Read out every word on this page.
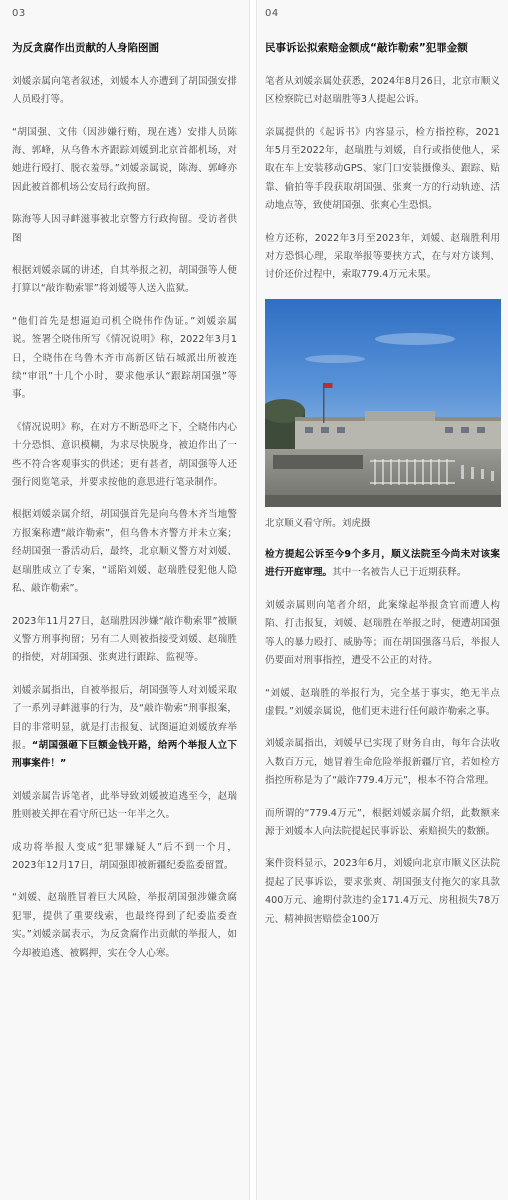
03
为反贪腐作出贡献的人身陷囹圄

刘媛亲属向笔者叙述，刘媛本人亦遭到了胡国强安排人员殴打等。

“胡国强、文伟（因涉嫌行贿，现在逃）安排人员陈海、郭峰，从乌鲁木齐跟踪刘媛到北京首都机场，对她进行殴打、脱衣羞辱。”刘媛亲属说，陈海、郭峰亦因此被首都机场公安局行政拘留。

陈海等人因寻衅滋事被北京警方行政拘留。受访者供图

根据刘媛亲属的讲述，自其举报之初，胡国强等人便打算以“敲诈勒索罪”将刘媛等人送入监狱。

“他们首先是想逼迫司机仝晓伟作伪证。”刘媛亲属说。签署仝晓伟所写《情况说明》称，2022年3月1日，仝晓伟在乌鲁木齐市高新区钻石城派出所被连续“审讯”十几个小时，要求他承认“跟踪胡国强”等事。

《情况说明》称，在对方不断恐吓之下，仝晓伟内心十分恐惧、意识模糊，为求尽快脱身，被迫作出了一些不符合客观事实的供述；更有甚者，胡国强等人还强行阅览笔录，并要求按他的意思进行笔录制作。

根据刘媛亲属介绍，胡国强首先是向乌鲁木齐当地警方报案称遭“敲诈勒索”，但乌鲁木齐警方并未立案；经胡国强一番活动后，最终，北京顺义警方对刘媛、赵瑞胜成立了专案，“谣陷刘媛、赵瑞胜侵犯他人隐私、敲诈勒索”。

2023年11月27日，赵瑞胜因涉嫌“敲诈勒索罪”被顺义警方刑事拘留；另有二人则被指接受刘媛、赵瑞胜的指使，对胡国强、张爽进行跟踪、监视等。

刘媛亲属指出，自被举报后，胡国强等人对刘媛采取了一系列寻衅滋事的行为，及“敲诈勒索”刑事报案，目的非常明显，就是打击报复、试图逼迫刘媛放弃举报。“胡国强砸下巨额金钱开路，给两个举报人立下刑事案件！”

刘媛亲属告诉笔者，此举导致刘媛被追逃至今，赵瑞胜则被关押在看守所已达一年半之久。

成功将举报人变成“犯罪嫌疑人”后不到一个月，2023年12月17日，胡国强即被新疆纪委监委留置。

“刘媛、赵瑞胜冒着巨大风险，举报胡国强涉嫌贪腐犯罪，提供了重要线索，也最终得到了纪委监委查实。”刘媛亲属表示，为反贪腐作出贡献的举报人，如今却被追逃、被羁押，实在令人心寒。

04
民事诉讼拟索赔金额成“敲诈勒索”犯罪金额

笔者从刘媛亲属处获悉，2024年8月26日，北京市顺义区检察院已对赵瑞胜等3人提起公诉。

亲属提供的《起诉书》内容显示，检方指控称，2021年5月至2022年，赵瑞胜与刘媛，自行或指使他人，采取在车上安装移动GPS、家门口安装摄像头、跟踪、贴靠、偷拍等手段获取胡国强、张爽一方的行动轨迹、活动地点等，致使胡国强、张爽心生恐惧。

检方还称，2022年3月至2023年，刘媛、赵瑞胜利用对方恐惧心理，采取举报等要挟方式，在与对方谈判、讨价还价过程中，索取779.4万元未果。

北京顺义看守所。刘虎摄

检方提起公诉至今9个多月，顺义法院至今尚未对该案进行开庭审理。其中一名被告人已于近期获释。

刘媛亲属则向笔者介绍，此案缘起举报贪官而遭人构陷、打击报复，刘媛、赵瑞胜在举报之时，便遭胡国强等人的暴力殴打、威胁等；而在胡国强落马后，举报人仍要面对刑事指控，遭受不公正的对待。

“刘媛、赵瑞胜的举报行为，完全基于事实，绝无半点虚假。”刘媛亲属说，他们更未进行任何敲诈勒索之事。

刘媛亲属指出，刘媛早已实现了财务自由，每年合法收入数百万元，她冒着生命危险举报新疆厅官，若如检方指控所称是为了“敲诈779.4万元”，根本不符合常理。

而所谓的“779.4万元”，根据刘媛亲属介绍，此数额来源于刘媛本人向法院提起民事诉讼、索赔损失的数额。

案件资料显示，2023年6月，刘媛向北京市顺义区法院提起了民事诉讼，要求张爽、胡国强支付拖欠的家具款400万元、逾期付款违约金171.4万元、房租损失78万元、精神损害赔偿金100万
